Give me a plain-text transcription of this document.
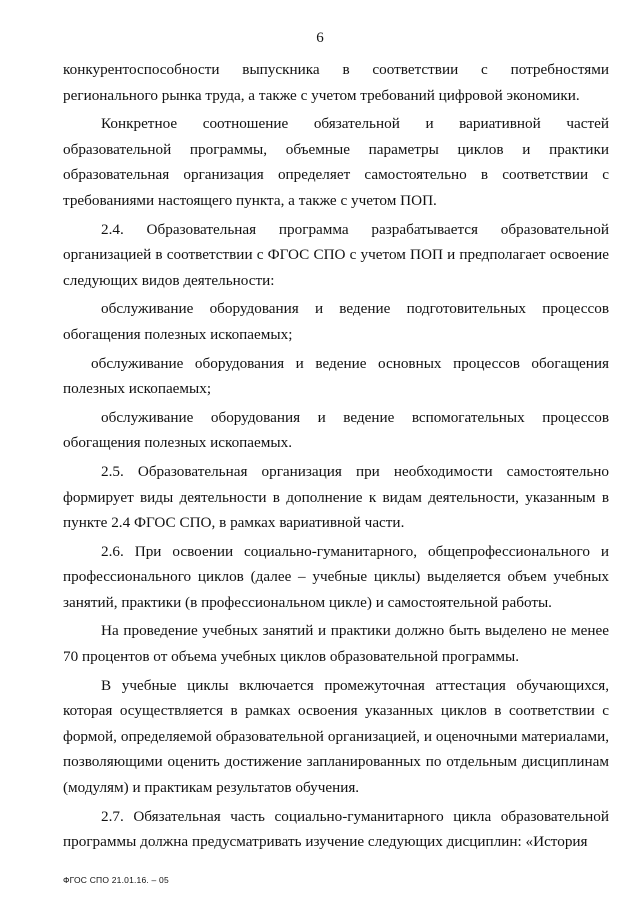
6

конкурентоспособности выпускника в соответствии с потребностями регионального рынка труда, а также с учетом требований цифровой экономики.

Конкретное соотношение обязательной и вариативной частей образовательной программы, объемные параметры циклов и практики образовательная организация определяет самостоятельно в соответствии с требованиями настоящего пункта, а также с учетом ПОП.

2.4. Образовательная программа разрабатывается образовательной организацией в соответствии с ФГОС СПО с учетом ПОП и предполагает освоение следующих видов деятельности:

обслуживание оборудования и ведение подготовительных процессов обогащения полезных ископаемых;

обслуживание оборудования и ведение основных процессов обогащения полезных ископаемых;

обслуживание оборудования и ведение вспомогательных процессов обогащения полезных ископаемых.

2.5. Образовательная организация при необходимости самостоятельно формирует виды деятельности в дополнение к видам деятельности, указанным в пункте 2.4 ФГОС СПО, в рамках вариативной части.

2.6. При освоении социально-гуманитарного, общепрофессионального и профессионального циклов (далее – учебные циклы) выделяется объем учебных занятий, практики (в профессиональном цикле) и самостоятельной работы.

На проведение учебных занятий и практики должно быть выделено не менее 70 процентов от объема учебных циклов образовательной программы.

В учебные циклы включается промежуточная аттестация обучающихся, которая осуществляется в рамках освоения указанных циклов в соответствии с формой, определяемой образовательной организацией, и оценочными материалами, позволяющими оценить достижение запланированных по отдельным дисциплинам (модулям) и практикам результатов обучения.

2.7. Обязательная часть социально-гуманитарного цикла образовательной программы должна предусматривать изучение следующих дисциплин: «История

ФГОС СПО 21.01.16. – 05
